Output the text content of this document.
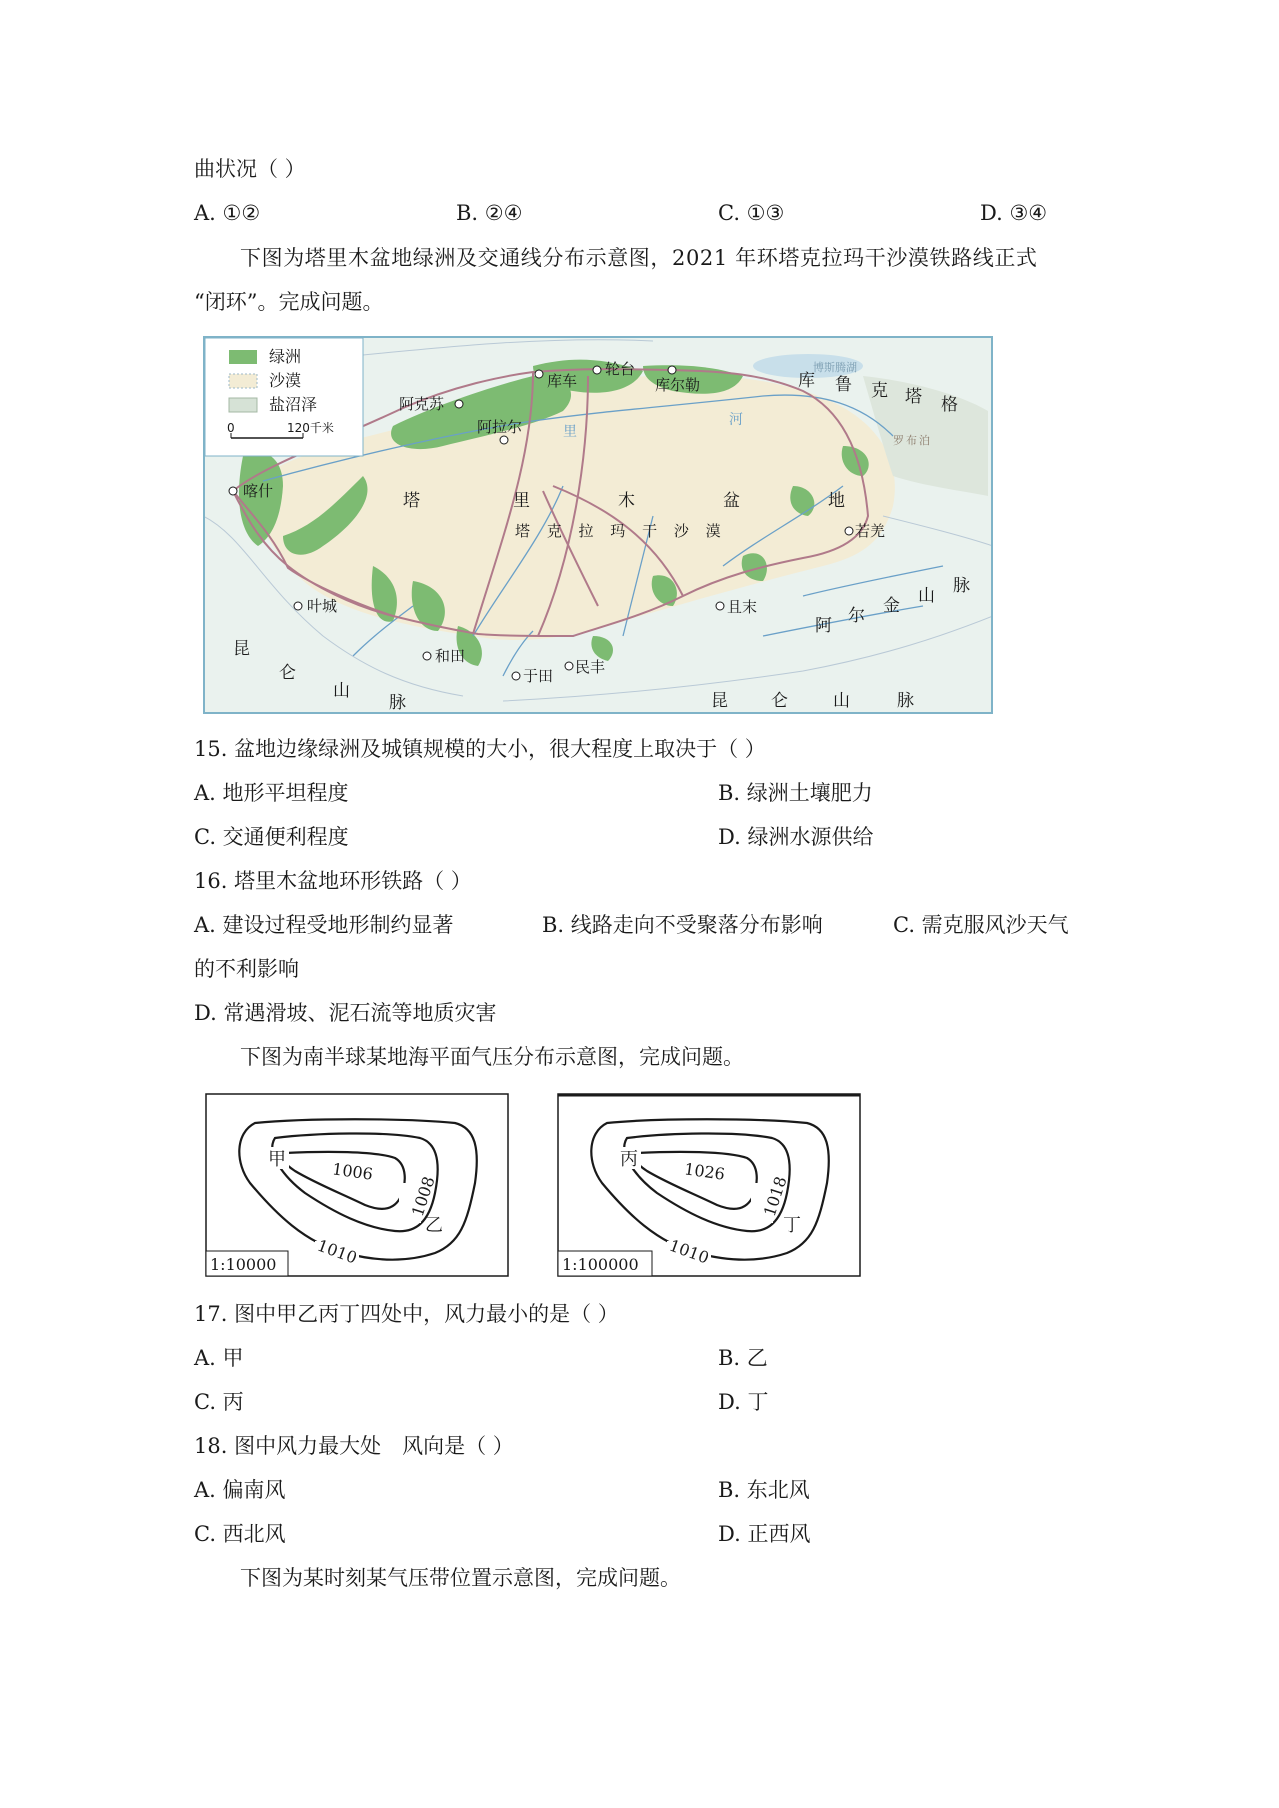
曲状况（ ）
A. ①②	B. ②④	C. ①③	D. ③④
下图为塔里木盆地绿洲及交通线分布示意图，2021 年环塔克拉玛干沙漠铁路线正式
“闭环”。完成问题。
博斯腾湖
绿洲
沙漠
盐沼泽
0	120千米
阿克苏
库车
轮台
库尔勒
阿拉尔
喀什
叶城
和田
于田 民丰
且末
若羌
塔	里	木	盆	地
塔 克 拉 玛 干 沙 漠
库 鲁 克 塔 格
罗布泊
阿 尔 金 山 脉
昆
仑
山
脉	昆 仑	山	脉
里
河
15. 盆地边缘绿洲及城镇规模的大小，很大程度上取决于（ ）
A. 地形平坦程度	B. 绿洲土壤肥力
C. 交通便利程度	D. 绿洲水源供给
16. 塔里木盆地环形铁路（ ）
A. 建设过程受地形制约显著	B. 线路走向不受聚落分布影响	C. 需克服风沙天气
的不利影响
D. 常遇滑坡、泥石流等地质灾害
下图为南半球某地海平面气压分布示意图，完成问题。
甲	1006
1008
1010
乙
1:10000
丙	1026
1018
1010
丁
1:100000
17. 图中甲乙丙丁四处中，风力最小的是（ ）
A. 甲	B. 乙
C. 丙	D. 丁
18. 图中风力最大处　风向是（ ）
A. 偏南风	B. 东北风
C. 西北风	D. 正西风
下图为某时刻某气压带位置示意图，完成问题。
